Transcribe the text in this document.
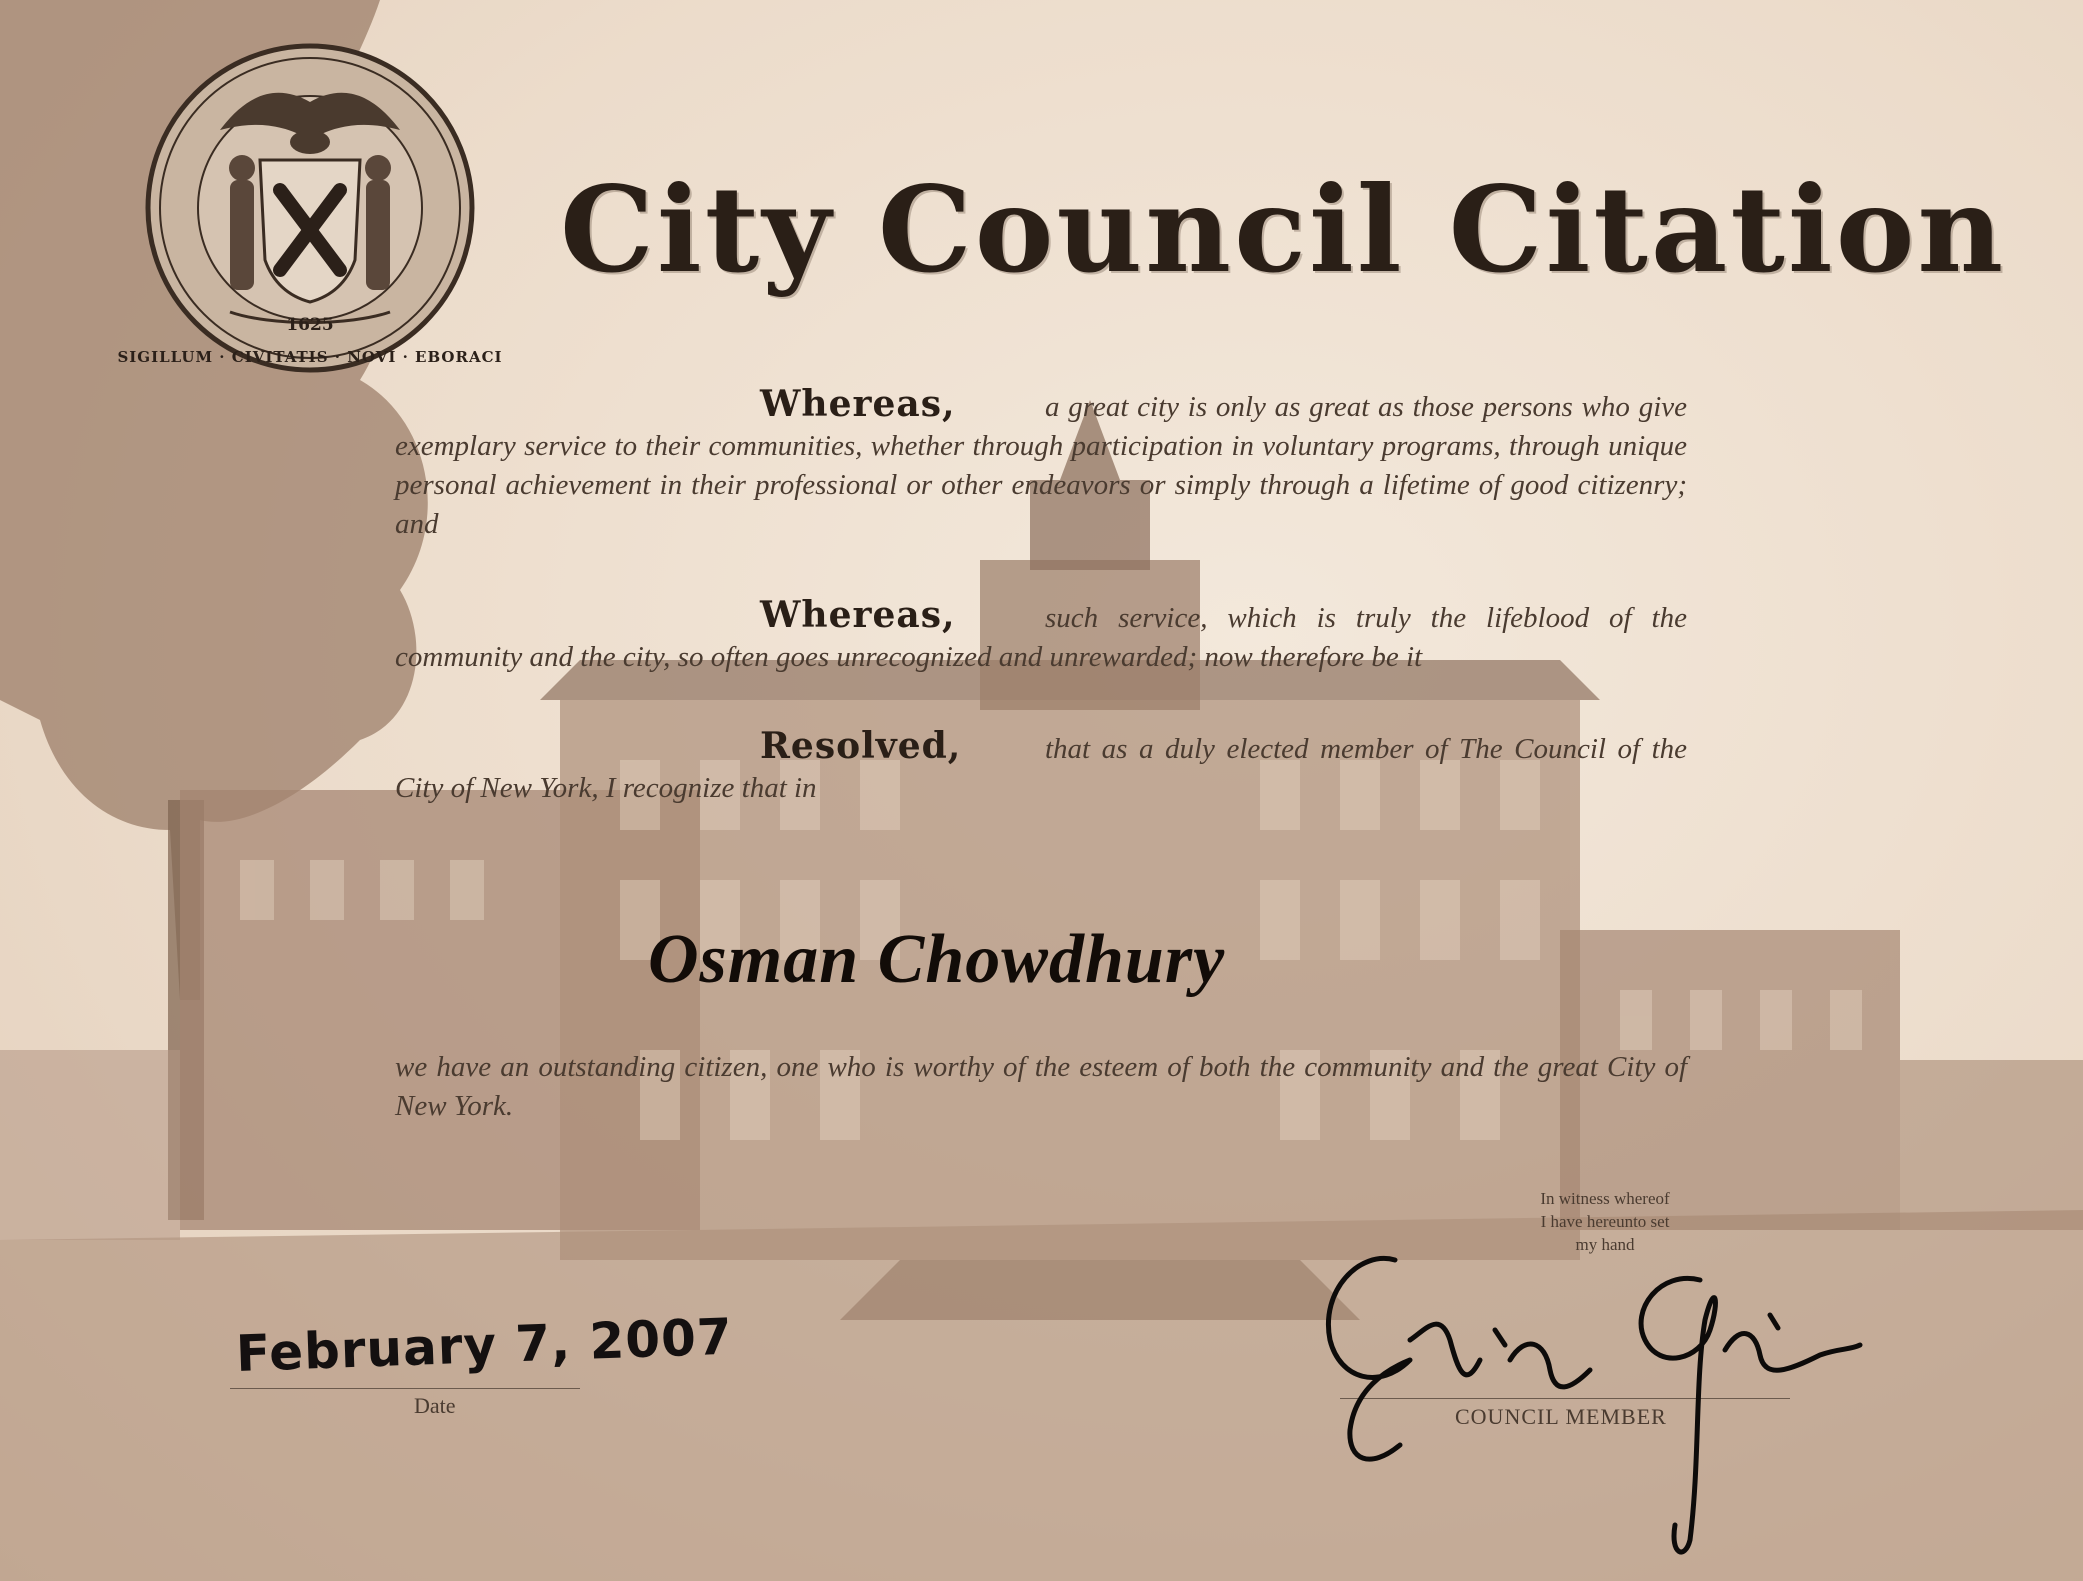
SIGILLUM · CIVITATIS · NOVI · EBORACI
1625
City Council Citation
Whereas,	a great city is only as great as those persons who give exemplary service to their communities, whether through participation in voluntary programs, through unique personal achievement in their professional or other endeavors or simply through a lifetime of good citizenry; and
Whereas,	such service, which is truly the lifeblood of the community and the city, so often goes unrecognized and unrewarded; now therefore be it
Resolved,	that as a duly elected member of The Council of the City of New York, I recognize that in
Osman Chowdhury
we have an outstanding citizen, one who is worthy of the esteem of both the community and the great City of New York.
In witness whereof
I have hereunto set
my hand
Date
February 7, 2007
COUNCIL MEMBER
